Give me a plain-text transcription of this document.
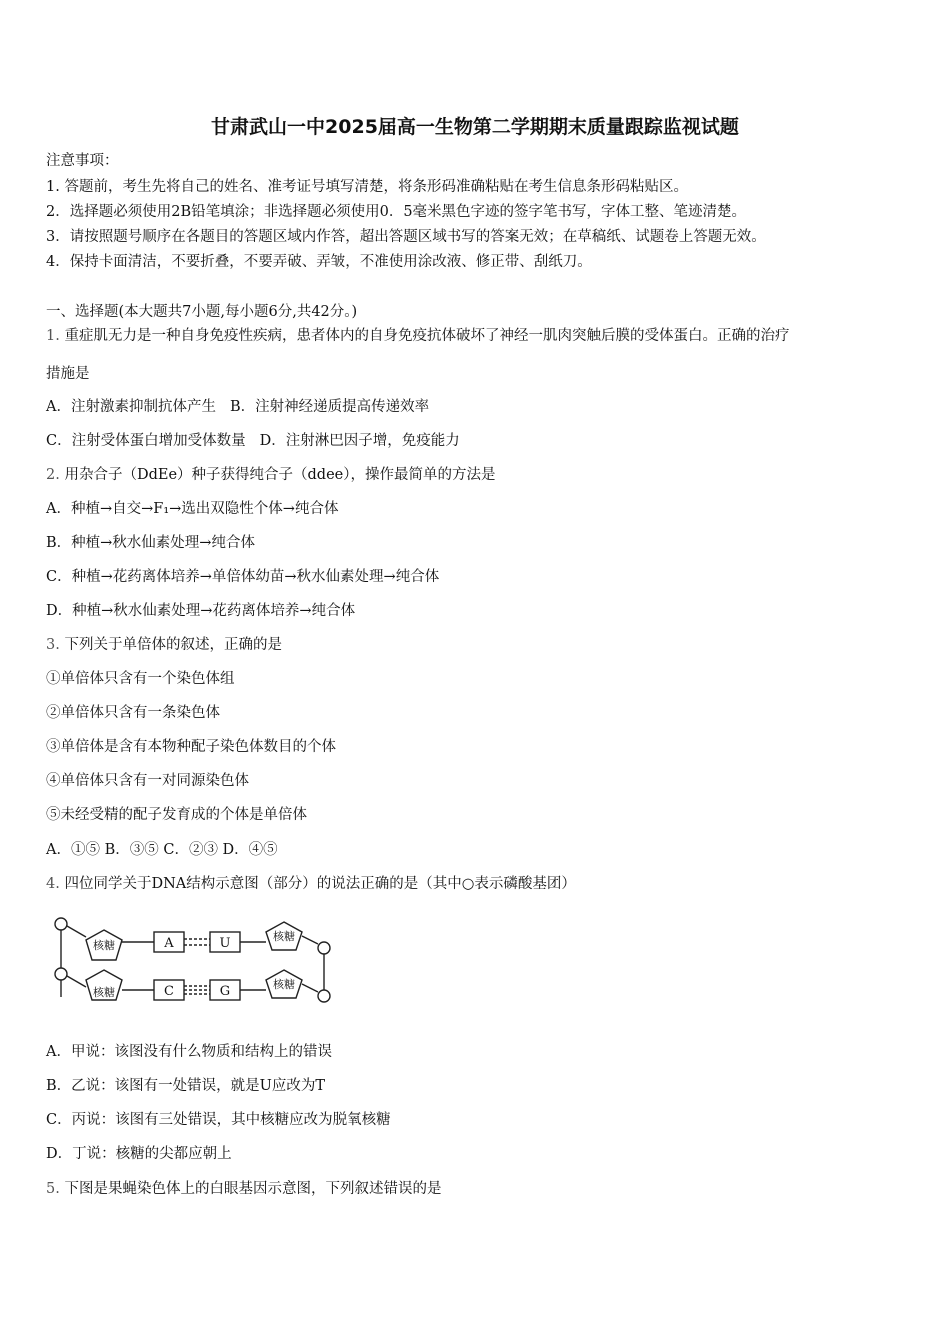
甘肃武山一中2025届高一生物第二学期期末质量跟踪监视试题
注意事项：
1. 答题前，考生先将自己的姓名、准考证号填写清楚，将条形码准确粘贴在考生信息条形码粘贴区。
2．选择题必须使用2B铅笔填涂；非选择题必须使用0．5毫米黑色字迹的签字笔书写，字体工整、笔迹清楚。
3．请按照题号顺序在各题目的答题区域内作答，超出答题区域书写的答案无效；在草稿纸、试题卷上答题无效。
4．保持卡面清洁，不要折叠，不要弄破、弄皱，不准使用涂改液、修正带、刮纸刀。
一、选择题(本大题共7小题,每小题6分,共42分。)
1. 重症肌无力是一种自身免疫性疾病，患者体内的自身免疫抗体破坏了神经一肌肉突触后膜的受体蛋白。正确的治疗
措施是
A．注射激素抑制抗体产生 B．注射神经递质提高传递效率
C．注射受体蛋白增加受体数量 D．注射淋巴因子增，免疫能力
2. 用杂合子（DdEe）种子获得纯合子（ddee），操作最简单的方法是
A．种植→自交→F₁→选出双隐性个体→纯合体
B．种植→秋水仙素处理→纯合体
C．种植→花药离体培养→单倍体幼苗→秋水仙素处理→纯合体
D．种植→秋水仙素处理→花药离体培养→纯合体
3. 下列关于单倍体的叙述，正确的是
①单倍体只含有一个染色体组
②单倍体只含有一条染色体
③单倍体是含有本物种配子染色体数目的个体
④单倍体只含有一对同源染色体
⑤未经受精的配子发育成的个体是单倍体
A．①⑤ B．③⑤ C．②③ D．④⑤
4. 四位同学关于DNA结构示意图（部分）的说法正确的是（其中○表示磷酸基团）
核糖
核糖
核糖
核糖
A	U
C	G
A．甲说：该图没有什么物质和结构上的错误
B．乙说：该图有一处错误，就是U应改为T
C．丙说：该图有三处错误，其中核糖应改为脱氧核糖
D．丁说：核糖的尖都应朝上
5. 下图是果蝇染色体上的白眼基因示意图，下列叙述错误的是
